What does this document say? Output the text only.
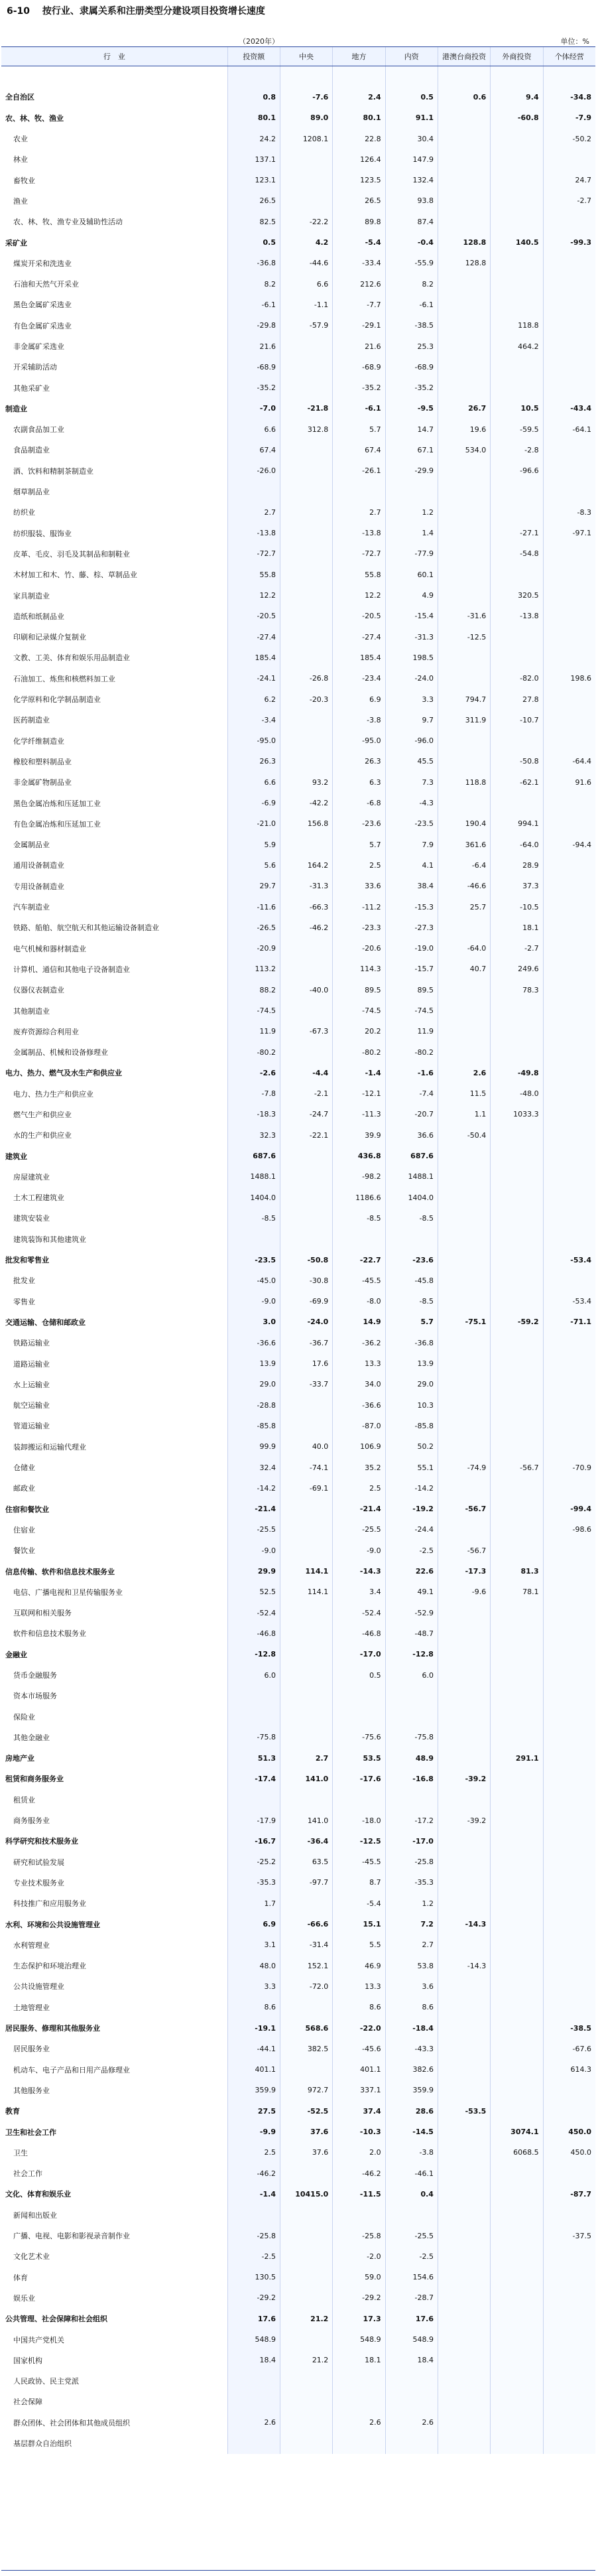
6-10 按行业、隶属关系和注册类型分建设项目投资增长速度
（2020年）	单位：%
行　业	投资额	中央	地方	内资	港澳台商投资	外商投资	个体经营

全自治区	0.8	-7.6	2.4	0.5	0.6	9.4	-34.8
农、林、牧、渔业	80.1	89.0	80.1	91.1		-60.8	-7.9
农业	24.2	1208.1	22.8	30.4			-50.2
林业	137.1		126.4	147.9			
畜牧业	123.1		123.5	132.4			24.7
渔业	26.5		26.5	93.8			-2.7
农、林、牧、渔专业及辅助性活动	82.5	-22.2	89.8	87.4			
采矿业	0.5	4.2	-5.4	-0.4	128.8	140.5	-99.3
煤炭开采和洗选业	-36.8	-44.6	-33.4	-55.9	128.8		
石油和天然气开采业	8.2	6.6	212.6	8.2			
黑色金属矿采选业	-6.1	-1.1	-7.7	-6.1			
有色金属矿采选业	-29.8	-57.9	-29.1	-38.5		118.8	
非金属矿采选业	21.6		21.6	25.3		464.2	
开采辅助活动	-68.9		-68.9	-68.9			
其他采矿业	-35.2		-35.2	-35.2			
制造业	-7.0	-21.8	-6.1	-9.5	26.7	10.5	-43.4
农副食品加工业	6.6	312.8	5.7	14.7	19.6	-59.5	-64.1
食品制造业	67.4		67.4	67.1	534.0	-2.8	
酒、饮料和精制茶制造业	-26.0		-26.1	-29.9		-96.6	
烟草制品业							
纺织业	2.7		2.7	1.2			-8.3
纺织服装、服饰业	-13.8		-13.8	1.4		-27.1	-97.1
皮革、毛皮、羽毛及其制品和制鞋业	-72.7		-72.7	-77.9		-54.8	
木材加工和木、竹、藤、棕、草制品业	55.8		55.8	60.1			
家具制造业	12.2		12.2	4.9		320.5	
造纸和纸制品业	-20.5		-20.5	-15.4	-31.6	-13.8	
印刷和记录媒介复制业	-27.4		-27.4	-31.3	-12.5		
文教、工美、体育和娱乐用品制造业	185.4		185.4	198.5			
石油加工、炼焦和核燃料加工业	-24.1	-26.8	-23.4	-24.0		-82.0	198.6
化学原料和化学制品制造业	6.2	-20.3	6.9	3.3	794.7	27.8	
医药制造业	-3.4		-3.8	9.7	311.9	-10.7	
化学纤维制造业	-95.0		-95.0	-96.0			
橡胶和塑料制品业	26.3		26.3	45.5		-50.8	-64.4
非金属矿物制品业	6.6	93.2	6.3	7.3	118.8	-62.1	91.6
黑色金属冶炼和压延加工业	-6.9	-42.2	-6.8	-4.3			
有色金属冶炼和压延加工业	-21.0	156.8	-23.6	-23.5	190.4	994.1	
金属制品业	5.9		5.7	7.9	361.6	-64.0	-94.4
通用设备制造业	5.6	164.2	2.5	4.1	-6.4	28.9	
专用设备制造业	29.7	-31.3	33.6	38.4	-46.6	37.3	
汽车制造业	-11.6	-66.3	-11.2	-15.3	25.7	-10.5	
铁路、船舶、航空航天和其他运输设备制造业	-26.5	-46.2	-23.3	-27.3		18.1	
电气机械和器材制造业	-20.9		-20.6	-19.0	-64.0	-2.7	
计算机、通信和其他电子设备制造业	113.2		114.3	-15.7	40.7	249.6	
仪器仪表制造业	88.2	-40.0	89.5	89.5		78.3	
其他制造业	-74.5		-74.5	-74.5			
废弃资源综合利用业	11.9	-67.3	20.2	11.9			
金属制品、机械和设备修理业	-80.2		-80.2	-80.2			
电力、热力、燃气及水生产和供应业	-2.6	-4.4	-1.4	-1.6	2.6	-49.8	
电力、热力生产和供应业	-7.8	-2.1	-12.1	-7.4	11.5	-48.0	
燃气生产和供应业	-18.3	-24.7	-11.3	-20.7	1.1	1033.3	
水的生产和供应业	32.3	-22.1	39.9	36.6	-50.4		
建筑业	687.6		436.8	687.6			
房屋建筑业	1488.1		-98.2	1488.1			
土木工程建筑业	1404.0		1186.6	1404.0			
建筑安装业	-8.5		-8.5	-8.5			
建筑装饰和其他建筑业							
批发和零售业	-23.5	-50.8	-22.7	-23.6			-53.4
批发业	-45.0	-30.8	-45.5	-45.8			
零售业	-9.0	-69.9	-8.0	-8.5			-53.4
交通运输、仓储和邮政业	3.0	-24.0	14.9	5.7	-75.1	-59.2	-71.1
铁路运输业	-36.6	-36.7	-36.2	-36.8			
道路运输业	13.9	17.6	13.3	13.9			
水上运输业	29.0	-33.7	34.0	29.0			
航空运输业	-28.8		-36.6	10.3			
管道运输业	-85.8		-87.0	-85.8			
装卸搬运和运输代理业	99.9	40.0	106.9	50.2			
仓储业	32.4	-74.1	35.2	55.1	-74.9	-56.7	-70.9
邮政业	-14.2	-69.1	2.5	-14.2			
住宿和餐饮业	-21.4		-21.4	-19.2	-56.7		-99.4
住宿业	-25.5		-25.5	-24.4			-98.6
餐饮业	-9.0		-9.0	-2.5	-56.7		
信息传输、软件和信息技术服务业	29.9	114.1	-14.3	22.6	-17.3	81.3	
电信、广播电视和卫星传输服务业	52.5	114.1	3.4	49.1	-9.6	78.1	
互联网和相关服务	-52.4		-52.4	-52.9			
软件和信息技术服务业	-46.8		-46.8	-48.7			
金融业	-12.8		-17.0	-12.8			
货币金融服务	6.0		0.5	6.0			
资本市场服务							
保险业							
其他金融业	-75.8		-75.6	-75.8			
房地产业	51.3	2.7	53.5	48.9		291.1	
租赁和商务服务业	-17.4	141.0	-17.6	-16.8	-39.2		
租赁业							
商务服务业	-17.9	141.0	-18.0	-17.2	-39.2		
科学研究和技术服务业	-16.7	-36.4	-12.5	-17.0			
研究和试验发展	-25.2	63.5	-45.5	-25.8			
专业技术服务业	-35.3	-97.7	8.7	-35.3			
科技推广和应用服务业	1.7		-5.4	1.2			
水利、环境和公共设施管理业	6.9	-66.6	15.1	7.2	-14.3		
水利管理业	3.1	-31.4	5.5	2.7			
生态保护和环境治理业	48.0	152.1	46.9	53.8	-14.3		
公共设施管理业	3.3	-72.0	13.3	3.6			
土地管理业	8.6		8.6	8.6			
居民服务、修理和其他服务业	-19.1	568.6	-22.0	-18.4			-38.5
居民服务业	-44.1	382.5	-45.6	-43.3			-67.6
机动车、电子产品和日用产品修理业	401.1		401.1	382.6			614.3
其他服务业	359.9	972.7	337.1	359.9			
教育	27.5	-52.5	37.4	28.6	-53.5		
卫生和社会工作	-9.9	37.6	-10.3	-14.5		3074.1	450.0
卫生	2.5	37.6	2.0	-3.8		6068.5	450.0
社会工作	-46.2		-46.2	-46.1			
文化、体育和娱乐业	-1.4	10415.0	-11.5	0.4			-87.7
新闻和出版业							
广播、电视、电影和影视录音制作业	-25.8		-25.8	-25.5			-37.5
文化艺术业	-2.5		-2.0	-2.5			
体育	130.5		59.0	154.6			
娱乐业	-29.2		-29.2	-28.7			
公共管理、社会保障和社会组织	17.6	21.2	17.3	17.6			
中国共产党机关	548.9		548.9	548.9			
国家机构	18.4	21.2	18.1	18.4			
人民政协、民主党派							
社会保障							
群众团体、社会团体和其他成员组织	2.6		2.6	2.6			
基层群众自治组织							
